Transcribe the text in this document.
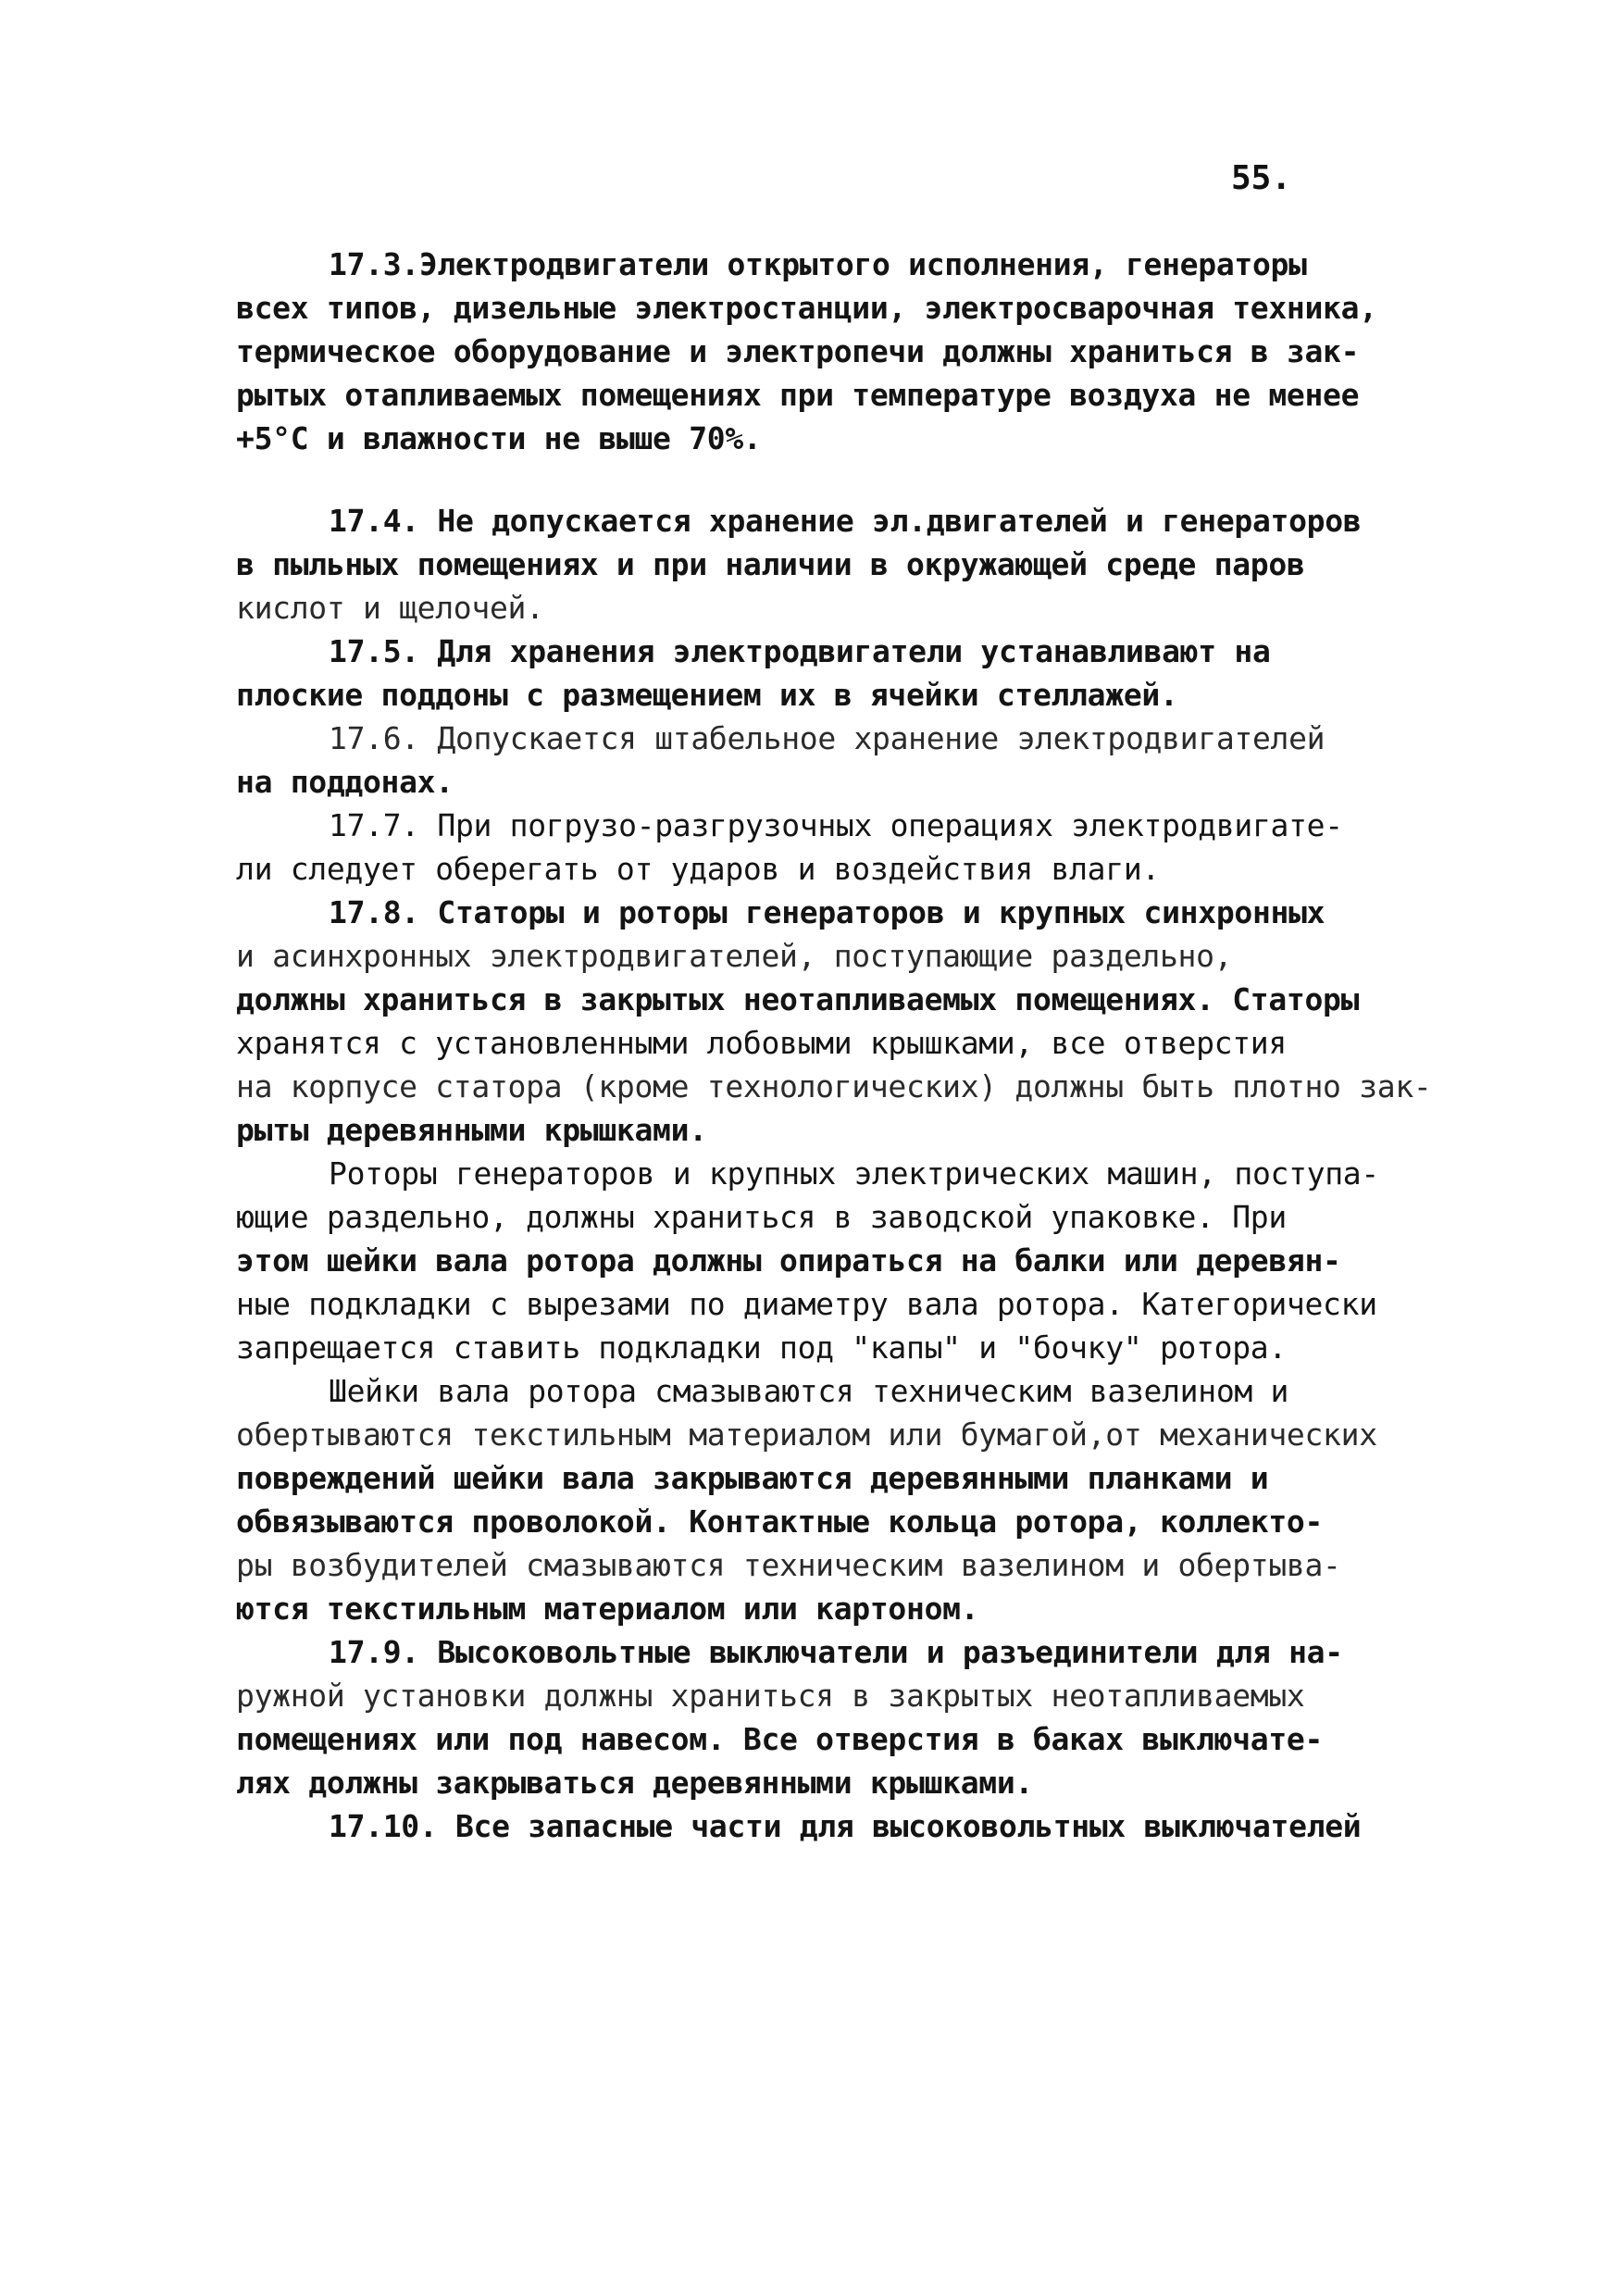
55.
17.3.Электродвигатели открытого исполнения, генераторы
всех типов, дизельные электростанции, электросварочная техника,
термическое оборудование и электропечи должны храниться в зак-
рытых отапливаемых помещениях при температуре воздуха не менее
+5°С и влажности не выше 70%.
17.4. Не допускается хранение эл.двигателей и генераторов
в пыльных помещениях и при наличии в окружающей среде паров
кислот и щелочей.
17.5. Для хранения электродвигатели устанавливают на
плоские поддоны с размещением их в ячейки стеллажей.
17.6. Допускается штабельное хранение электродвигателей
на поддонах.
17.7. При погрузо-разгрузочных операциях электродвигате-
ли следует оберегать от ударов и воздействия влаги.
17.8. Статоры и роторы генераторов и крупных синхронных
и асинхронных электродвигателей, поступающие раздельно,
должны храниться в закрытых неотапливаемых помещениях. Статоры
хранятся с установленными лобовыми крышками, все отверстия
на корпусе статора (кроме технологических) должны быть плотно зак-
рыты деревянными крышками.
Роторы генераторов и крупных электрических машин, поступа-
ющие раздельно, должны храниться в заводской упаковке. При
этом шейки вала ротора должны опираться на балки или деревян-
ные подкладки с вырезами по диаметру вала ротора. Категорически
запрещается ставить подкладки под "капы" и "бочку" ротора.
Шейки вала ротора смазываются техническим вазелином и
обертываются текстильным материалом или бумагой,от механических
повреждений шейки вала закрываются деревянными планками и
обвязываются проволокой. Контактные кольца ротора, коллекто-
ры возбудителей смазываются техническим вазелином и обертыва-
ются текстильным материалом или картоном.
17.9. Высоковольтные выключатели и разъединители для на-
ружной установки должны храниться в закрытых неотапливаемых
помещениях или под навесом. Все отверстия в баках выключате-
лях должны закрываться деревянными крышками.
17.10. Все запасные части для высоковольтных выключателей
